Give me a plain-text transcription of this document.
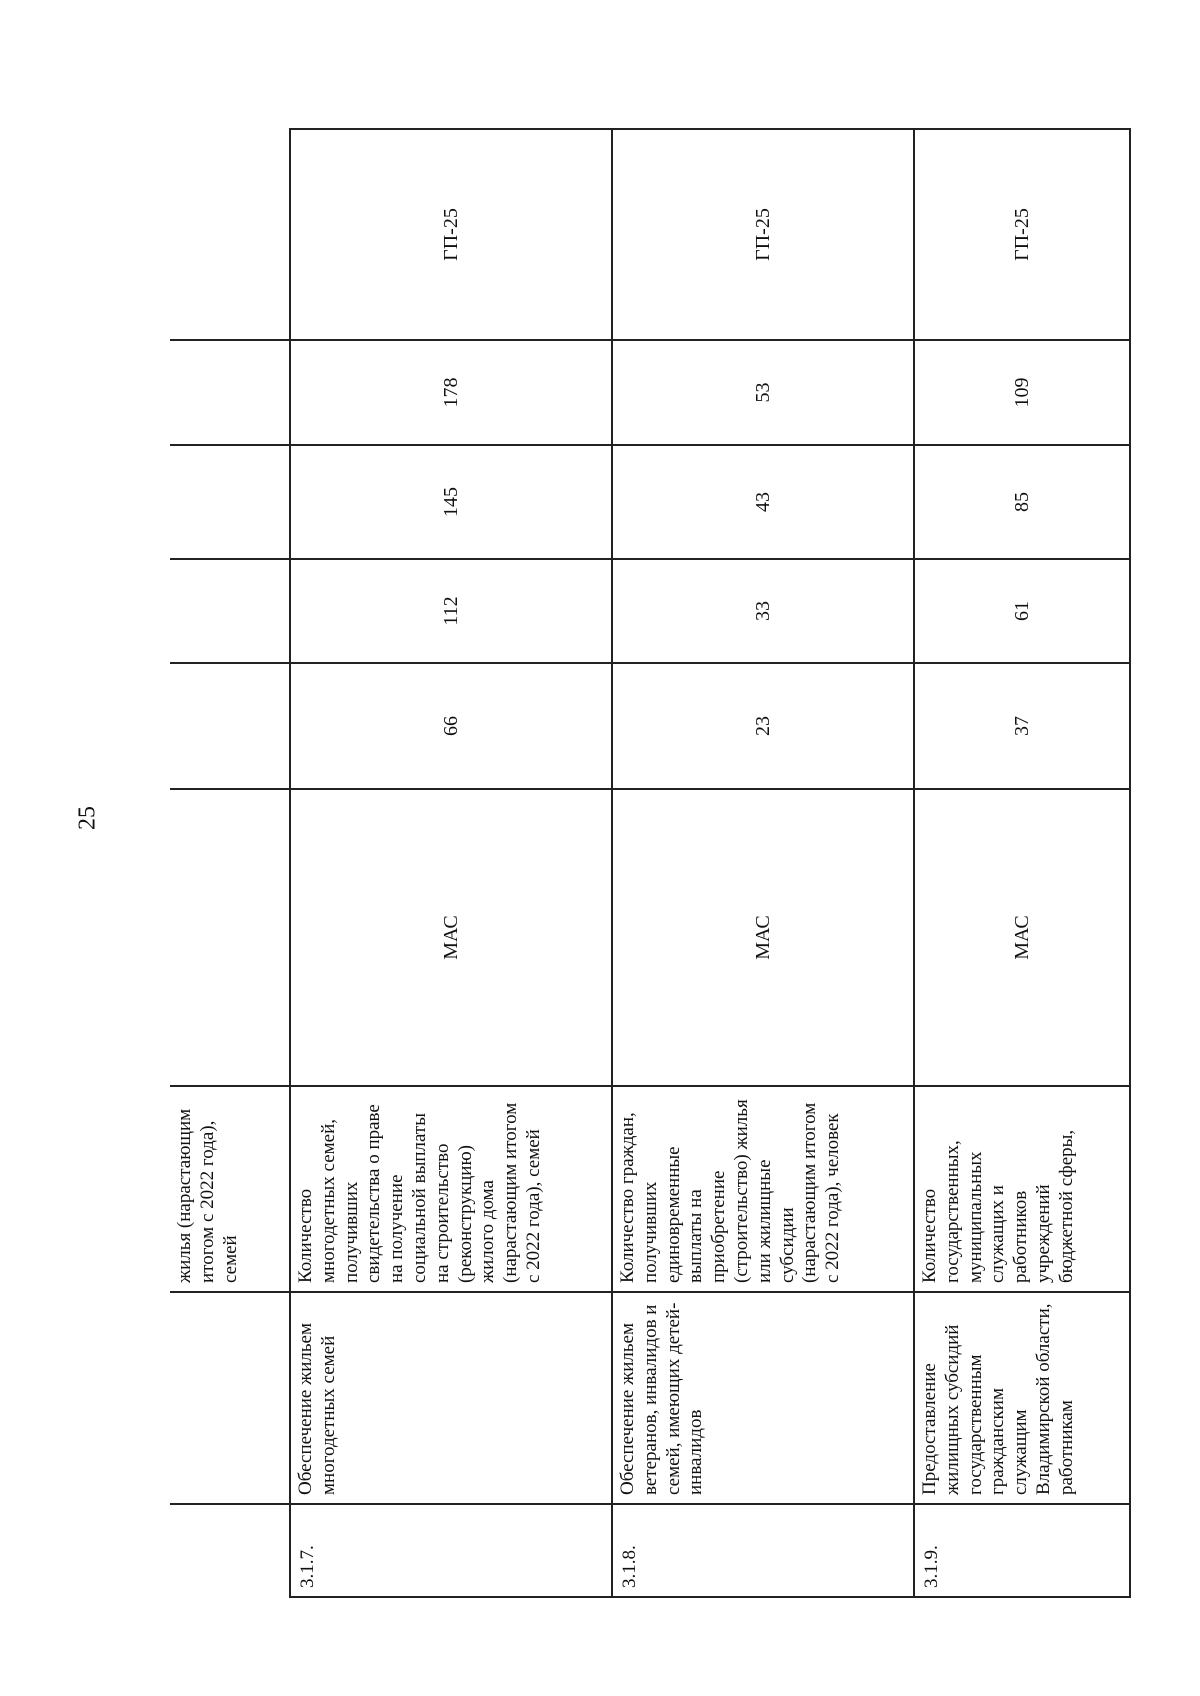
25
		жилья (нарастающим итогом с 2022 года), семей						
3.1.7.	Обеспечение жильем многодетных семей	Количество многодетных семей, получивших свидетельства о праве на получение социальной выплаты на строительство (реконструкцию) жилого дома (нарастающим итогом с 2022 года), семей	МАС	66	112	145	178	ГП-25
3.1.8.	Обеспечение жильем ветеранов, инвалидов и семей, имеющих детей-инвалидов	Количество граждан, получивших единовременные выплаты на приобретение (строительство) жилья или жилищные субсидии (нарастающим итогом с 2022 года), человек	МАС	23	33	43	53	ГП-25
3.1.9.	Предоставление жилищных субсидий государственным гражданским служащим Владимирской области, работникам	Количество государственных, муниципальных служащих и работников учреждений бюджетной сферы,	МАС	37	61	85	109	ГП-25
